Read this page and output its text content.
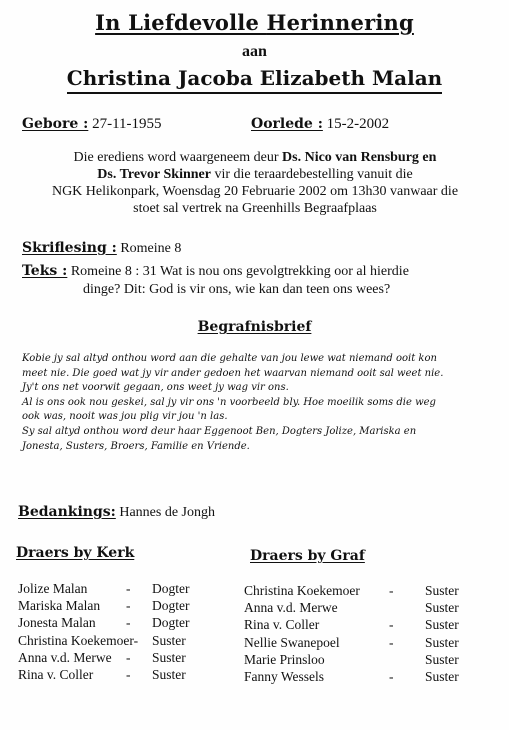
In Liefdevolle Herinnering
aan
Christina Jacoba Elizabeth Malan
Gebore : 27-11-1955	Oorlede : 15-2-2002
Die erediens word waargeneem deur Ds. Nico van Rensburg en
Ds. Trevor Skinner vir die teraardebestelling vanuit die
NGK Helikonpark, Woensdag 20 Februarie 2002 om 13h30 vanwaar die
stoet sal vertrek na Greenhills Begraafplaas
Skriflesing : Romeine 8
Teks : Romeine 8 : 31 Wat is nou ons gevolgtrekking oor al hierdie
dinge? Dit: God is vir ons, wie kan dan teen ons wees?
Begrafnisbrief
Kobie jy sal altyd onthou word aan die gehalte van jou lewe wat niemand ooit kon
meet nie. Die goed wat jy vir ander gedoen het waarvan niemand ooit sal weet nie.
Jy't ons net voorwit gegaan, ons weet jy wag vir ons.
Al is ons ook nou geskei, sal jy vir ons 'n voorbeeld bly. Hoe moeilik soms die weg
ook was, nooit was jou plig vir jou 'n las.
Sy sal altyd onthou word deur haar Eggenoot Ben, Dogters Jolize, Mariska en
Jonesta, Susters, Broers, Familie en Vriende.
Bedankings: Hannes de Jongh
Draers by Kerk	Draers by Graf
Jolize Malan	- Dogter
Mariska Malan - Dogter
Jonesta Malan - Dogter
Christina Koekemoer- Suster
Anna v.d. Merwe - Suster
Rina v. Coller - Suster
Christina Koekemoer - Suster
Anna v.d. Merwe	Suster
Rina v. Coller	- Suster
Nellie Swanepoel	- Suster
Marie Prinsloo	Suster
Fanny Wessels	- Suster
